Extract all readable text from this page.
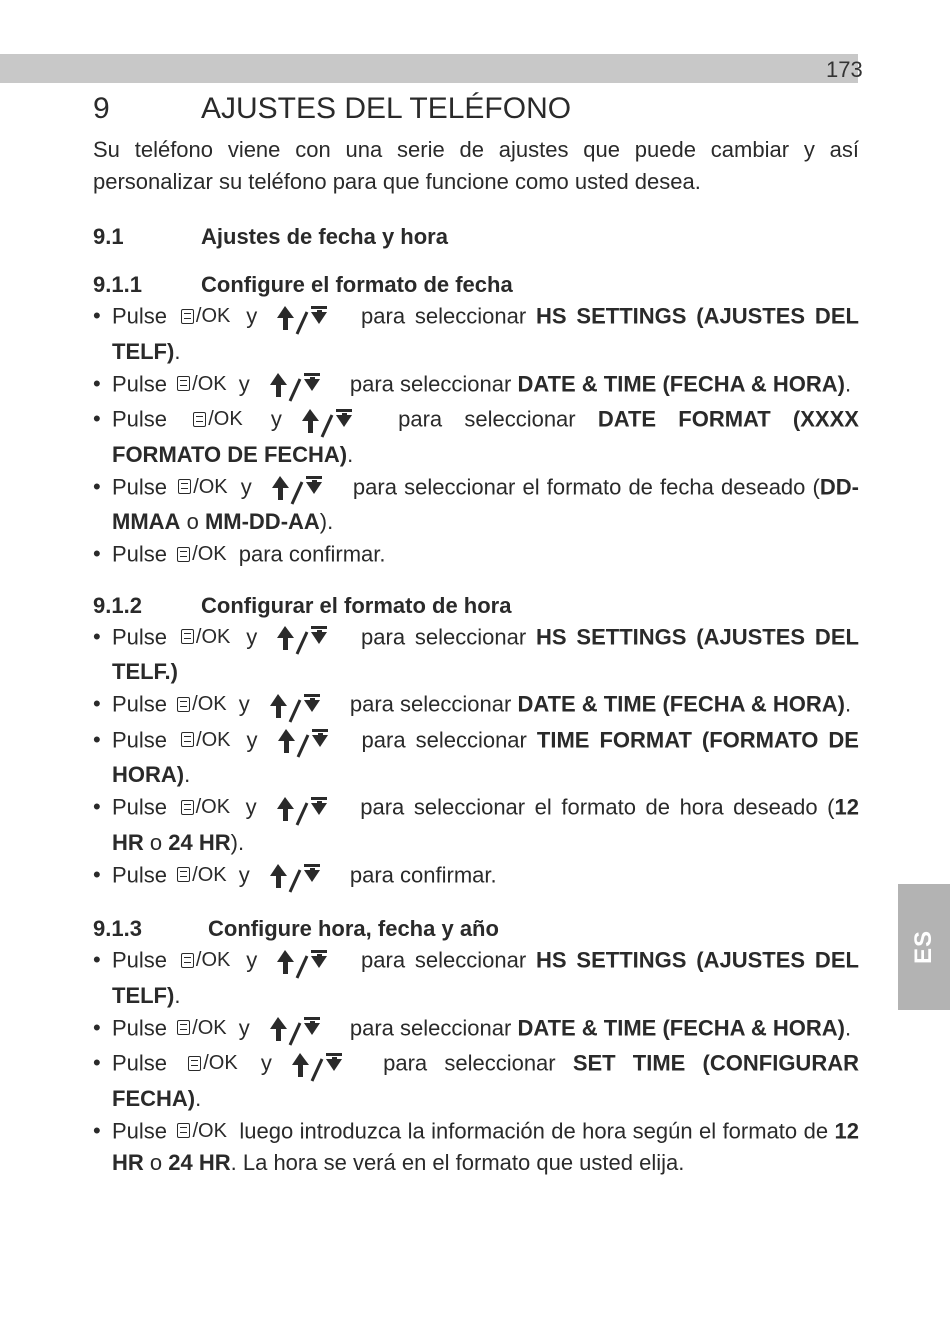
173
ES
9	AJUSTES DEL TELÉFONO

Su teléfono viene con una serie de ajustes que puede cambiar y así personalizar su teléfono para que funcione como usted desea.

9.1	Ajustes de fecha y hora
9.1.1	Configure el formato de fecha
• Pulse /OK y	para seleccionar HS SETTINGS (AJUSTES DEL TELF).
• Pulse /OK y	para seleccionar DATE & TIME (FECHA & HORA).
• Pulse /OK y	para seleccionar DATE FORMAT (XXXX FORMATO DE FECHA).
• Pulse /OK y	para seleccionar el formato de fecha deseado (DD-MMAA o MM-DD-AA).
• Pulse /OK para confirmar.
9.1.2	Configurar el formato de hora
• Pulse /OK y	para seleccionar HS SETTINGS (AJUSTES DEL TELF.)
• Pulse /OK y	para seleccionar DATE & TIME (FECHA & HORA).
• Pulse /OK y	para seleccionar TIME FORMAT (FORMATO DE HORA).
• Pulse /OK y	para seleccionar el formato de hora deseado (12 HR o 24 HR).
• Pulse /OK y	para confirmar.
9.1.3	Configure hora, fecha y año
• Pulse /OK y	para seleccionar HS SETTINGS (AJUSTES DEL TELF).
• Pulse /OK y	para seleccionar DATE & TIME (FECHA & HORA).
• Pulse /OK y	para seleccionar SET TIME (CONFIGURAR FECHA).
• Pulse /OK luego introduzca la información de hora según el formato de 12 HR o 24 HR. La hora se verá en el formato que usted elija.
